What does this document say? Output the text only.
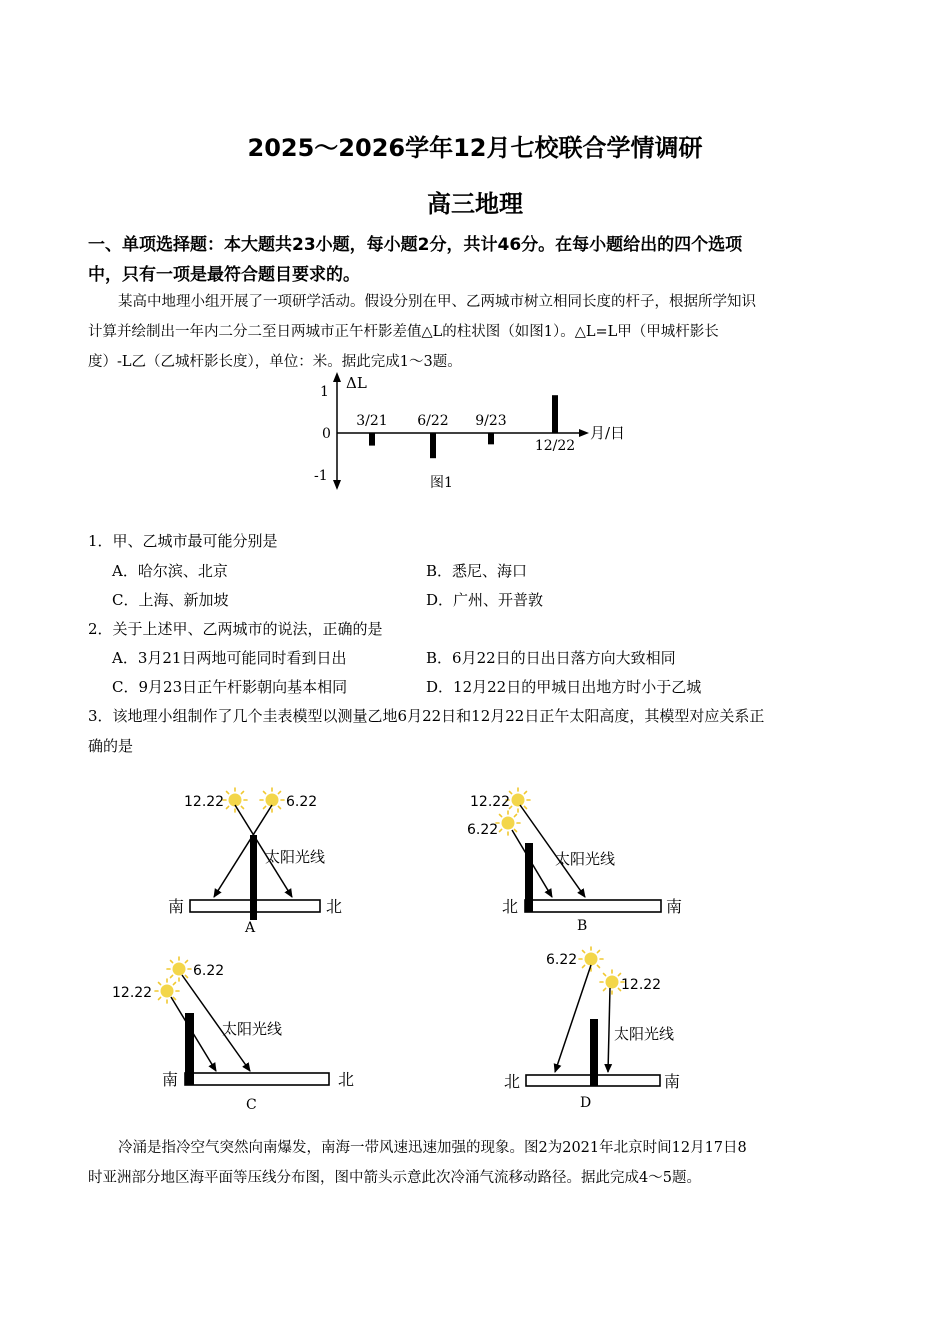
2025～2026学年12月七校联合学情调研
高三地理
一、单项选择题：本大题共23小题，每小题2分，共计46分。在每小题给出的四个选项
中，只有一项是最符合题目要求的。
某高中地理小组开展了一项研学活动。假设分别在甲、乙两城市树立相同长度的杆子，根据所学知识
计算并绘制出一年内二分二至日两城市正午杆影差值△L的柱状图（如图1）。△L=L甲（甲城杆影长
度）-L乙（乙城杆影长度），单位：米。据此完成1～3题。
ΔL
月/日
1
0
-1
3/21 6/22 9/23
12/22
图1
1．甲、乙城市最可能分别是
A．哈尔滨、北京	B．悉尼、海口
C．上海、新加坡	D．广州、开普敦
2．关于上述甲、乙两城市的说法，正确的是
A．3月21日两地可能同时看到日出	B．6月22日的日出日落方向大致相同
C．9月23日正午杆影朝向基本相同	D．12月22日的甲城日出地方时小于乙城
3．该地理小组制作了几个圭表模型以测量乙地6月22日和12月22日正午太阳高度，其模型对应关系正
确的是
12.22	6.22
太阳光线
南	北
A
12.22
6.22
太阳光线
北	南
B
6.22
12.22
太阳光线
南	北
C
6.22
12.22
太阳光线
北	南
D
冷涌是指冷空气突然向南爆发，南海一带风速迅速加强的现象。图2为2021年北京时间12月17日8
时亚洲部分地区海平面等压线分布图，图中箭头示意此次冷涌气流移动路径。据此完成4～5题。
